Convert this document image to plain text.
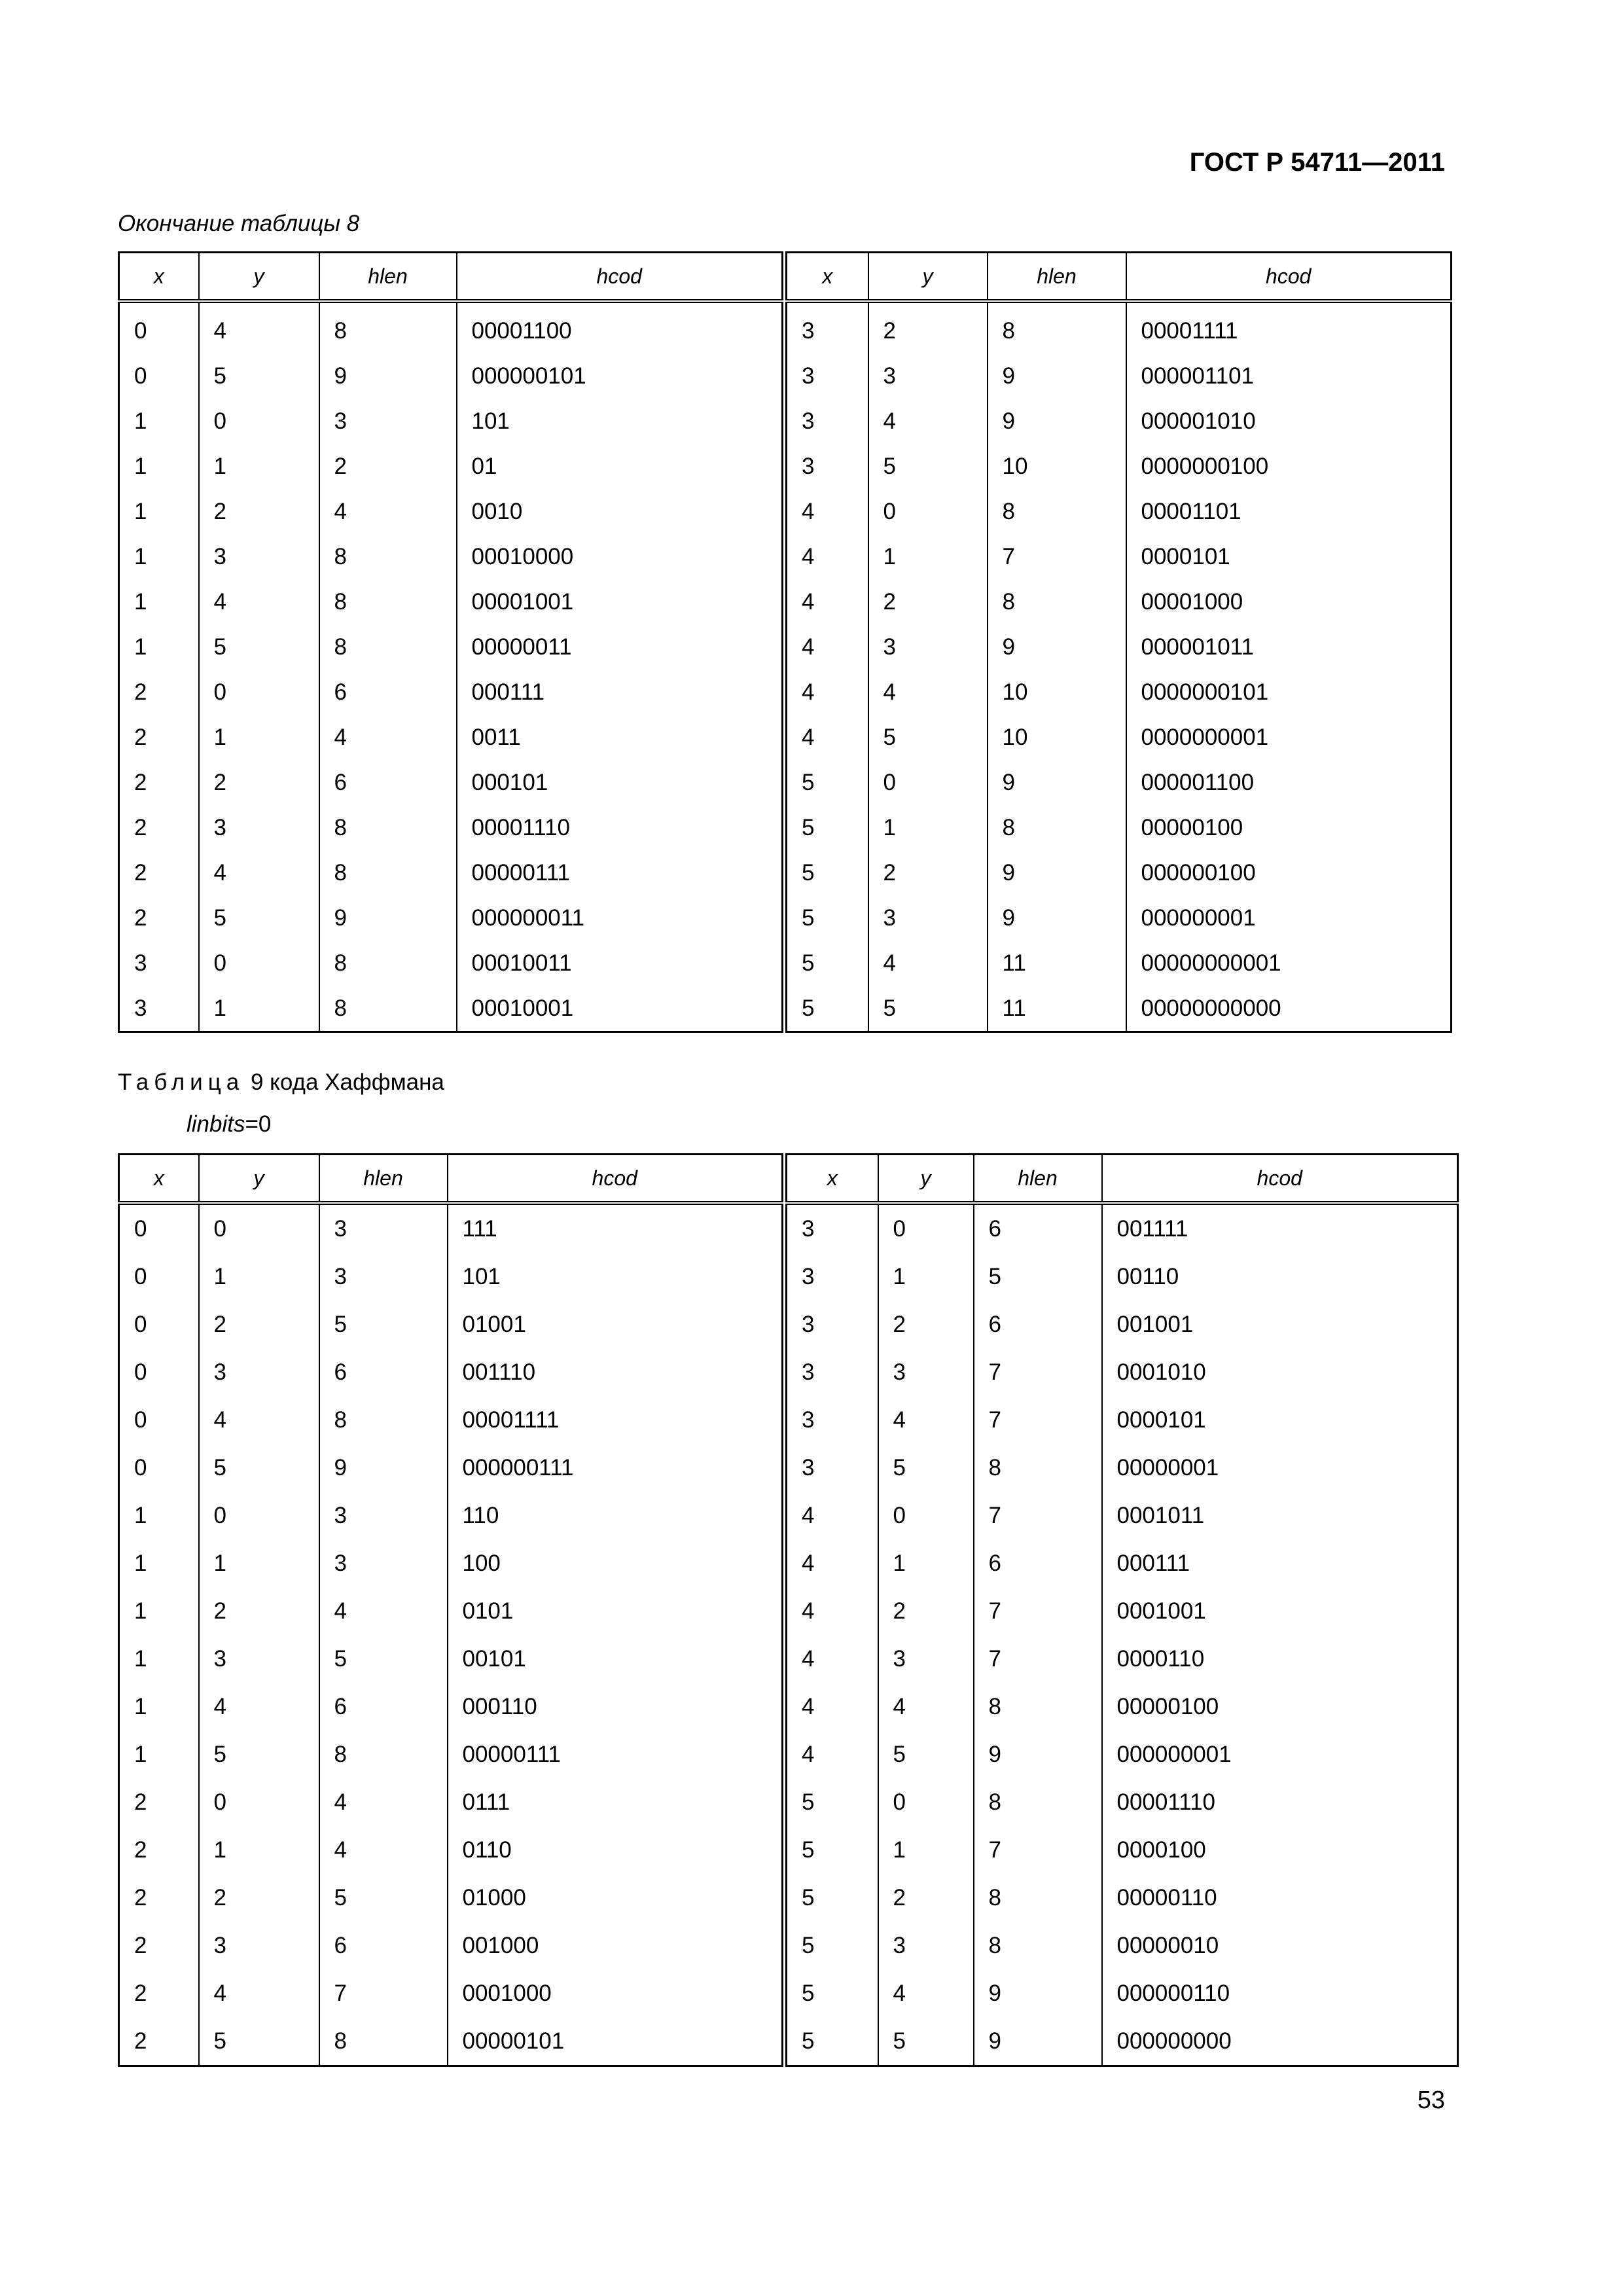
ГОСТ Р 54711—2011
Окончание таблицы 8
x	y	hlen	hcod
0	4	8	00001100
0	5	9	000000101
1	0	3	101
1	1	2	01
1	2	4	0010
1	3	8	00010000
1	4	8	00001001
1	5	8	00000011
2	0	6	000111
2	1	4	0011
2	2	6	000101
2	3	8	00001110
2	4	8	00000111
2	5	9	000000011
3	0	8	00010011
3	1	8	00010001
x	y	hlen	hcod
3	2	8	00001111
3	3	9	000001101
3	4	9	000001010
3	5	10	0000000100
4	0	8	00001101
4	1	7	0000101
4	2	8	00001000
4	3	9	000001011
4	4	10	0000000101
4	5	10	0000000001
5	0	9	000001100
5	1	8	00000100
5	2	9	000000100
5	3	9	000000001
5	4	11	00000000001
5	5	11	00000000000
Таблица 9 кода Хаффмана
linbits=0
x	y	hlen	hcod
0	0	3	111
0	1	3	101
0	2	5	01001
0	3	6	001110
0	4	8	00001111
0	5	9	000000111
1	0	3	110
1	1	3	100
1	2	4	0101
1	3	5	00101
1	4	6	000110
1	5	8	00000111
2	0	4	0111
2	1	4	0110
2	2	5	01000
2	3	6	001000
2	4	7	0001000
2	5	8	00000101
x	y	hlen	hcod
3	0	6	001111
3	1	5	00110
3	2	6	001001
3	3	7	0001010
3	4	7	0000101
3	5	8	00000001
4	0	7	0001011
4	1	6	000111
4	2	7	0001001
4	3	7	0000110
4	4	8	00000100
4	5	9	000000001
5	0	8	00001110
5	1	7	0000100
5	2	8	00000110
5	3	8	00000010
5	4	9	000000110
5	5	9	000000000
53
